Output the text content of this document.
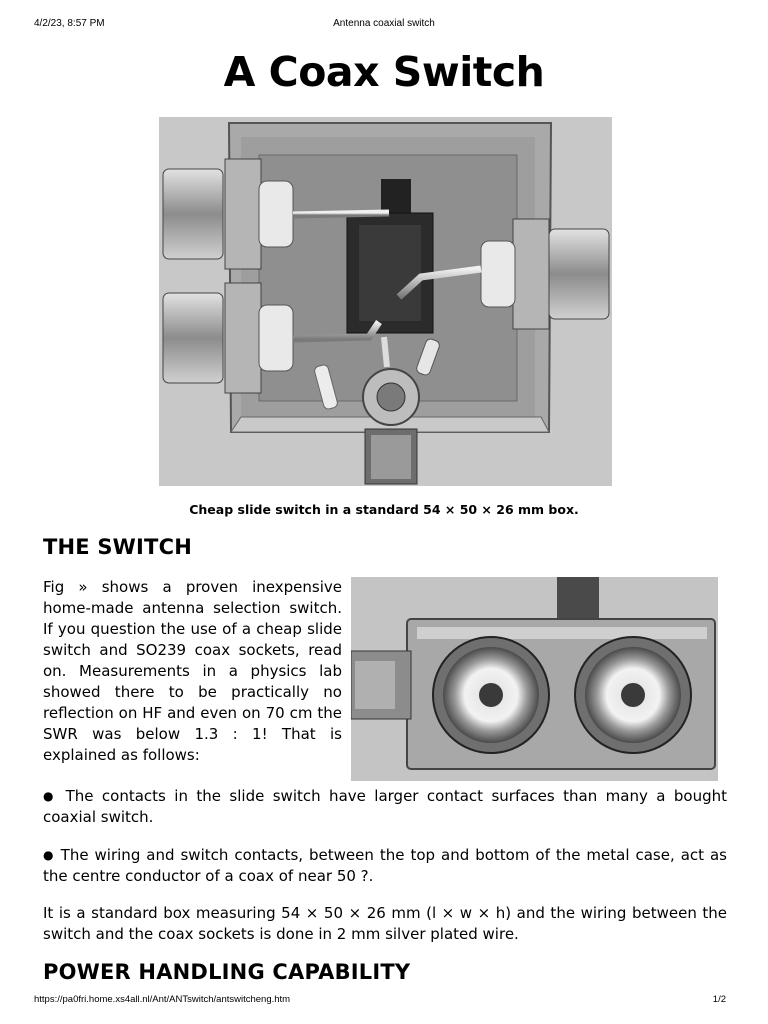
4/2/23, 8:57 PM	Antenna coaxial switch
A Coax Switch
Cheap slide switch in a standard 54 × 50 × 26 mm box.
THE SWITCH

Fig » shows a proven inexpensive home-made antenna selection switch. If you question the use of a cheap slide switch and SO239 coax sockets, read on. Measurements in a physics lab showed there to be practically no reflection on HF and even on 70 cm the SWR was below 1.3 : 1! That is explained as follows:

● The contacts in the slide switch have larger contact surfaces than many a bought coaxial switch.

● The wiring and switch contacts, between the top and bottom of the metal case, act as the centre conductor of a coax of near 50 ?.

It is a standard box measuring 54 × 50 × 26 mm (l × w × h) and the wiring between the switch and the coax sockets is done in 2 mm silver plated wire.

POWER HANDLING CAPABILITY
https://pa0fri.home.xs4all.nl/Ant/ANTswitch/antswitcheng.htm	1/2
